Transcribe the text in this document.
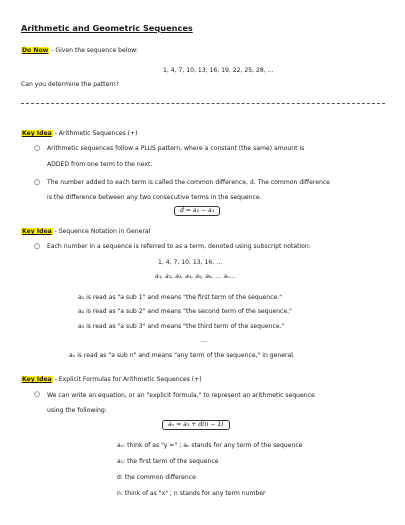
Arithmetic and Geometric Sequences
Do Now - Given the sequence below:
1, 4, 7, 10, 13, 16, 19, 22, 25, 28, …
Can you determine the pattern?
Key Idea - Arithmetic Sequences (+)
○ Arithmetic sequences follow a PLUS pattern, where a constant (the same) amount is
ADDED from one term to the next.
○ The number added to each term is called the common difference, d. The common difference
is the difference between any two consecutive terms in the sequence.
d = a₂ − a₁
Key Idea - Sequence Notation in General
○ Each number in a sequence is referred to as a term, denoted using subscript notation:
1, 4, 7, 10, 13, 16, …
a₁, a₂, a₃, a₄, a₅, a₆, … aₙ…
a₁ is read as "a sub 1" and means "the first term of the sequence."
a₂ is read as "a sub 2" and means "the second term of the sequence."
a₃ is read as "a sub 3" and means "the third term of the sequence."
…
aₙ is read as "a sub n" and means "any term of the sequence," in general.
Key Idea - Explicit Formulas for Arithmetic Sequences (+)
○ We can write an equation, or an "explicit formula," to represent an arithmetic sequence
using the following:
aₙ = a₁ + d(n − 1)
aₙ: think of as "y =" ; aₙ stands for any term of the sequence
a₁: the first term of the sequence
d: the common difference
n: think of as "x" ; n stands for any term number
